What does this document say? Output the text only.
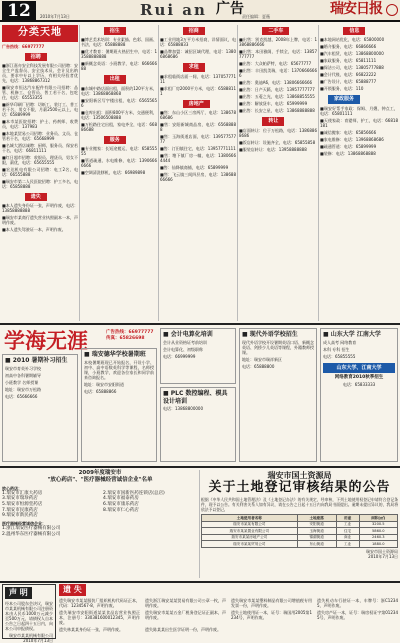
12	2010年7月13日	Rui an 广告
责任编辑：夏薇	瑞安日报
分类天地
广告热线：66977777
招聘
■浙江嘉亦安全科技发展有限公司招聘：安全生产监督员、安全技术员、会计及出纳员，要求中专以上学历，有相关经验者优先，电话：13868867312
■瑞安市恒达汽车配件有限公司招聘：品管、机修工、仓管员、普工若干名，包吃住，电话：65553355
■新华印刷厂招聘：切纸工、装订工、普工若干名，男女不限，月薪2500元以上，电话：65889999
■本市某医院招聘：护士、药剂师、收费员，电话：137983
■本地某贸易公司招聘：业务员、文员、仓管若干名，电话：65668999
■名城大酒店诚聘：厨师、服务员、保安若干名，电话：66811111
■红日超市招聘：收银员、理货员，男女不限，薪优，电话：65655555
■宏达机电有限公司招聘：电工2名，电话：66555888
■瑞安市第二人民医院招聘：护工多名，电话：65858888
遗失
■本人遗失身份证一张，声明作废，电话：13858888888
■瑞安市某商行遗失营业执照副本一本，声明作废。
■本人遗失驾驶证一本，声明作废。
招生
■博艺美术培训：专业素描、色彩、国画、书法，电话：65888888
■优才教育：暑期班火热招生中，电话：13588888888
■新概念英语：小班教学，电话：66666688
出租
■东城中路店面出租，面积约120平方米，电话：13868868868
■安阳新区写字楼出租，电话：65655656
■仓库出租：面积800平方米，交通便利，电话：13506508888
■万松路住宅出租，家电齐全，电话：66886688
服务
■专业搬家：长短途搬运，电话：65855555
■管道疏通、水电维修，电话：13906666666
■空调清洗移机，电话：66989898
招商
■工业用地3万平方米招商，详情面议，电话：65888833
■品牌加盟：诚招区域代理，电话：13806868686
求租
■求租临街店面一间，电话：13705777111
■求租厂房2000平方米，电话：65888111
房地产
■售：东山小区三房两厅，电话：13867868686
■售：安阳新城商品房，电话：65688888
■售：玉海街道店面，电话：13957757777
■售：汀田镇住宅，电话：13957771111
■售：塘下镇厂房一幢，电话：13806664444
■售：仙降镇商铺，电话：65899999
■售：飞云镇三间四层房，电话：13868866666
二手车
■出售：别克凯越，2008年上牌，电话：13868886666
■出售：本田雅阁，手续全，电话：13857777777
■出售：大众帕萨特，电话：65677777
■出售：丰田凯美瑞，电话：13706666666
■出售：奥迪A6，电话：13806666666
■出售：日产天籁，电话：13957777777
■出售：五菱之光，电话：13868855555
■出售：解放货车，电话：65999999
■出售：长安之星，电话：13868888888
转让
■店面转让：位于万松路，电话：13868868686
■饭店转让：设施齐全，电话：65855858
■服装店转让：电话：13958888888
信息
■本地网站优化，电话：65800000
■婚介服务，电话：66866666
■汽车租赁，电话：13868800000
■家政服务，电话：65811111
■保洁公司，电话：13805777888
■会计代账，电话：66822222
■广告设计，电话：65888777
■开锁服务，电话：110
家政服务
■瑞安好帮手家政：保姆、月嫂、钟点工，电话：65801111
■天使家政：育婴师、护工，电话：66818181
■诚信搬家：电话：65856666
■家电维修：电话：13968868686
■疏通管道：电话：65899999
■装修：电话：13868868888
学海无涯	广告热线：66977777
传真：65826698
■ 2010 暑期补习招生
瑞安市育英补习学校
初高中各科暑期辅导
小班教学 名师授课
地址：瑞安市万松路
电话：65666666
■ 瑞安德华学校暑期班
本校暑期班现已开始报名，开设小学、初中、高中语数英科学等课程，名师授课，小班教学，欢迎各位家长和同学前来咨询报名。
地址：瑞安市安阳街道
电话：65888866
■ 会计电算化培训
会计从业资格证考前培训
会计电算化、初级职称
电话：66999999
■ PLC 数控编程、模具设计培训
电话：13868800000
■ 现代外语学校招生
现代外语学校开设暑期英语口语、新概念英语、剑桥少儿英语等课程，外籍教师授课。
地址：瑞安市瑞祥新区
电话：65888800
■ 山东大学 江南大学
成人高考 网络教育
本科 专科 招生
电话：65855555
山东大学、江南大学
网络教育2010秋季招生
电话：65833333
2009年度瑞安市
"放心药店"、"医疗器械经营诚信企业"名单
放心药店：
1.瑞安市汇康大药房	2.瑞安市国新医药连锁店(总店)
3.瑞安市瑞珍药店	4.瑞安市福泰药房
5.瑞安市恒源堂药店	6.瑞安市康乐药店
7.瑞安市民康药店	8.瑞安市仁心药店
9.瑞安市新民药店
医疗器械经营诚信企业：
1.浙江瑞安医疗器械有限公司
2.温州华东医疗器械有限公司
瑞安市国土资源局
关于土地登记审核结果的公告
根据《中华人民共和国土地管理法》及《土地登记办法》的有关规定，经审核，下列土地使用权登记申请符合登记条件，现予以公告。有关利害关系人如有异议，请在公告之日起十五日内向我局书面提出。逾期未提出异议的，我局将依法予以登记。
土地使用者名称	土地座落	用途	面积(㎡)
瑞安市某某有限公司	安阳街道	工业	3200.5
瑞安市某某置业有限公司	玉海街道	住宅	5860.0
瑞安市某某房地产公司	锦湖街道	商业	2460.3
瑞安市某某贸易公司	东山街道	工业	1880.0
瑞安市国土资源局
2010年7月13日
声 明
经本公司股东会决议，瑞安市某某机械有限公司注册资本由人民币1000万元减少至500万元，请债权人自本公告之日起四十五日内，向本公司申报债权。
瑞安市某某机械有限公司
2010年7月13日
遗 失
遗失瑞安市某某服装厂组织机构代码证正本，代码：1234567-8，声明作废。
遗失浙江瑞安某某贸易有限公司公章一枚，声明作废。
遗失瑞安市某某塑料制品有限公司增值税专用发票一份，声明作废。
遗失机动车行驶证一本，车牌号：浙C12345，声明作废。
遗失瑞安市安阳街道某某食品店营业执照正本，注册号：330381600012345，声明作废。
遗失瑞安市某某五金厂税务登记证正副本，声明作废。
遗失土地使用证一本，证号：瑞国用2005第1234号，声明作废。
遗失房产证一本，证号：瑞房权证字第012345号，声明作废。
遗失林某某身份证一张，声明作废。	遗失陈某某出生医学证明一份，声明作废。
